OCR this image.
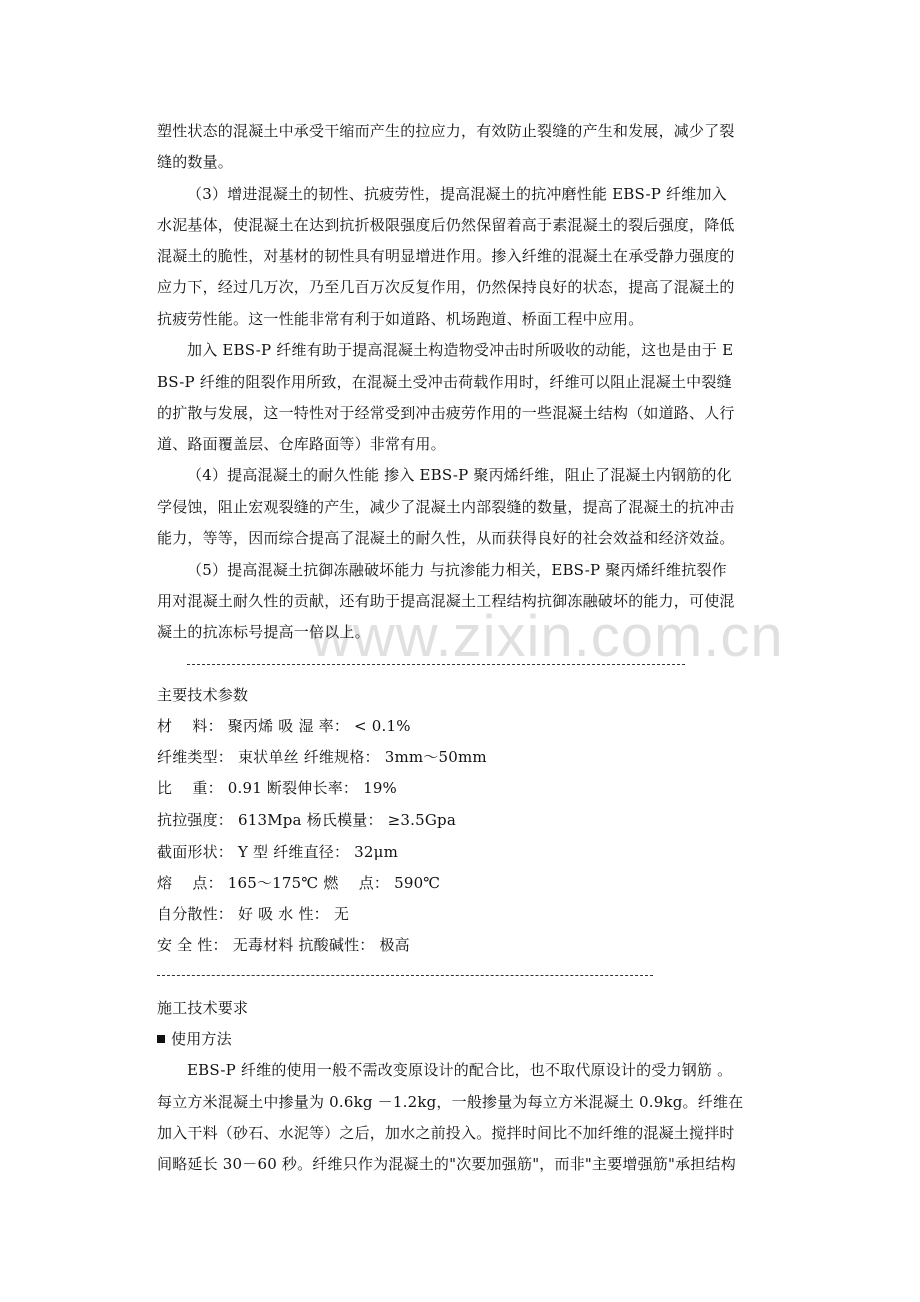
www.zixin.com.cn
塑性状态的混凝土中承受干缩而产生的拉应力，有效防止裂缝的产生和发展，减少了裂
缝的数量。
（3）增进混凝土的韧性、抗疲劳性，提高混凝土的抗冲磨性能 EBS-P 纤维加入
水泥基体，使混凝土在达到抗折极限强度后仍然保留着高于素混凝土的裂后强度，降低
混凝土的脆性，对基材的韧性具有明显增进作用。掺入纤维的混凝土在承受静力强度的
应力下，经过几万次，乃至几百万次反复作用，仍然保持良好的状态，提高了混凝土的
抗疲劳性能。这一性能非常有利于如道路、机场跑道、桥面工程中应用。
加入 EBS-P 纤维有助于提高混凝土构造物受冲击时所吸收的动能，这也是由于 E
BS-P 纤维的阻裂作用所致，在混凝土受冲击荷载作用时，纤维可以阻止混凝土中裂缝
的扩散与发展，这一特性对于经常受到冲击疲劳作用的一些混凝土结构（如道路、人行
道、路面覆盖层、仓库路面等）非常有用。
（4）提高混凝土的耐久性能 掺入 EBS-P 聚丙烯纤维，阻止了混凝土内钢筋的化
学侵蚀，阻止宏观裂缝的产生，减少了混凝土内部裂缝的数量，提高了混凝土的抗冲击
能力，等等，因而综合提高了混凝土的耐久性，从而获得良好的社会效益和经济效益。
（5）提高混凝土抗御冻融破坏能力 与抗渗能力相关，EBS-P 聚丙烯纤维抗裂作
用对混凝土耐久性的贡献，还有助于提高混凝土工程结构抗御冻融破坏的能力，可使混
凝土的抗冻标号提高一倍以上。
主要技术参数
材　 料： 聚丙烯 吸 湿 率： < 0.1%
纤维类型： 束状单丝 纤维规格： 3mm～50mm
比　 重： 0.91 断裂伸长率： 19%
抗拉强度： 613Mpa 杨氏模量： ≥3.5Gpa
截面形状： Y 型 纤维直径： 32μm
熔　 点： 165～175℃ 燃　 点： 590℃
自分散性： 好 吸 水 性： 无
安 全 性： 无毒材料 抗酸碱性： 极高
施工技术要求
使用方法
EBS-P 纤维的使用一般不需改变原设计的配合比，也不取代原设计的受力钢筋 。
每立方米混凝土中掺量为 0.6kg －1.2kg，一般掺量为每立方米混凝土 0.9kg。纤维在
加入干料（砂石、水泥等）之后，加水之前投入。搅拌时间比不加纤维的混凝土搅拌时
间略延长 30－60 秒。纤维只作为混凝土的"次要加强筋"，而非"主要增强筋"承担结构
